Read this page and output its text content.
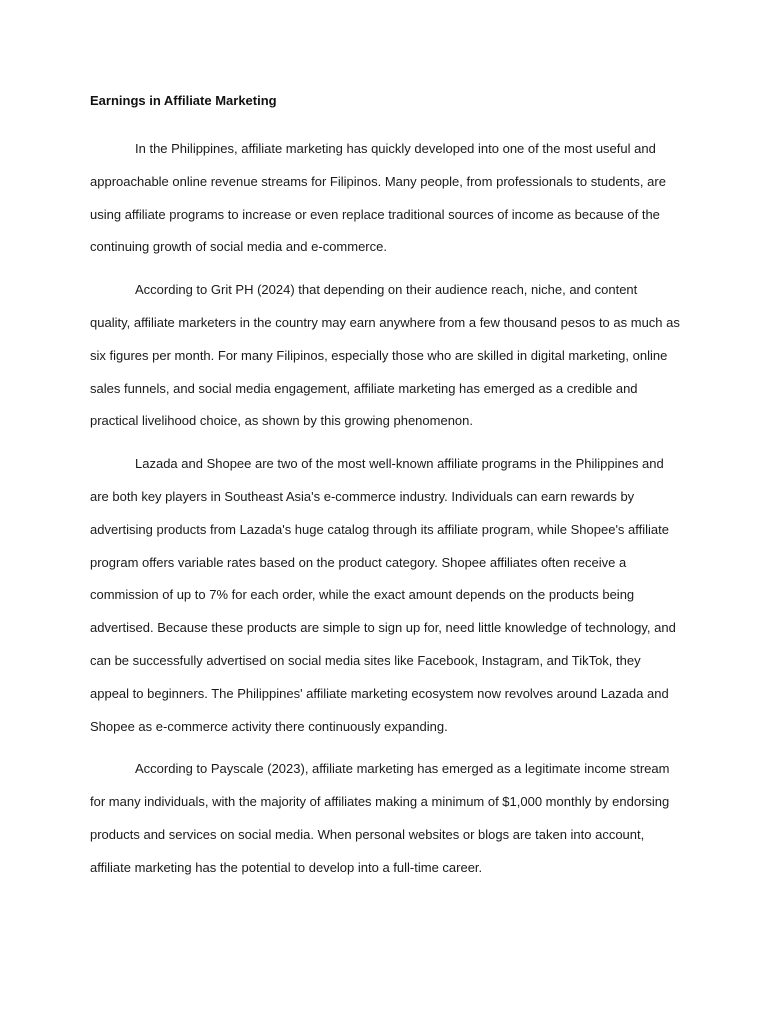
Earnings in Affiliate Marketing

In the Philippines, affiliate marketing has quickly developed into one of the most useful and approachable online revenue streams for Filipinos. Many people, from professionals to students, are using affiliate programs to increase or even replace traditional sources of income as because of the continuing growth of social media and e-commerce.

According to Grit PH (2024) that depending on their audience reach, niche, and content quality, affiliate marketers in the country may earn anywhere from a few thousand pesos to as much as six figures per month. For many Filipinos, especially those who are skilled in digital marketing, online sales funnels, and social media engagement, affiliate marketing has emerged as a credible and practical livelihood choice, as shown by this growing phenomenon.

Lazada and Shopee are two of the most well-known affiliate programs in the Philippines and are both key players in Southeast Asia's e-commerce industry. Individuals can earn rewards by advertising products from Lazada's huge catalog through its affiliate program, while Shopee's affiliate program offers variable rates based on the product category. Shopee affiliates often receive a commission of up to 7% for each order, while the exact amount depends on the products being advertised. Because these products are simple to sign up for, need little knowledge of technology, and can be successfully advertised on social media sites like Facebook, Instagram, and TikTok, they appeal to beginners. The Philippines' affiliate marketing ecosystem now revolves around Lazada and Shopee as e-commerce activity there continuously expanding.

According to Payscale (2023), affiliate marketing has emerged as a legitimate income stream for many individuals, with the majority of affiliates making a minimum of $1,000 monthly by endorsing products and services on social media. When personal websites or blogs are taken into account, affiliate marketing has the potential to develop into a full-time career.
